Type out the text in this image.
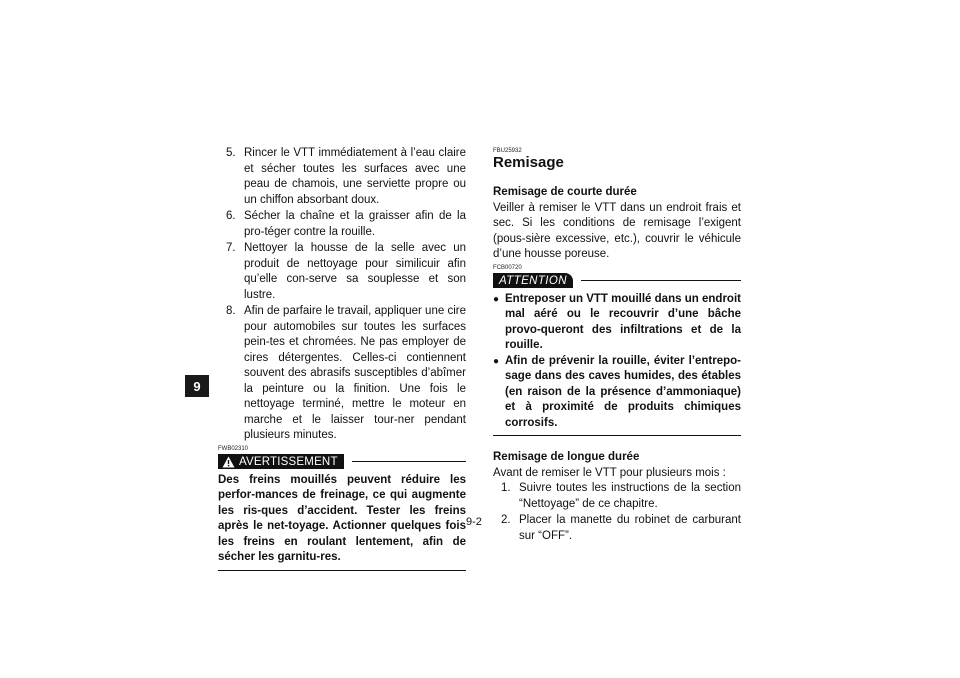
9
5. Rincer le VTT immédiatement à l’eau claire et sécher toutes les surfaces avec une peau de chamois, une serviette propre ou un chiffon absorbant doux.
6. Sécher la chaîne et la graisser afin de la pro-téger contre la rouille.
7. Nettoyer la housse de la selle avec un produit de nettoyage pour similicuir afin qu’elle con-serve sa souplesse et son lustre.
8. Afin de parfaire le travail, appliquer une cire pour automobiles sur toutes les surfaces pein-tes et chromées. Ne pas employer de cires détergentes. Celles-ci contiennent souvent des abrasifs susceptibles d’abîmer la peinture ou la finition. Une fois le nettoyage terminé, mettre le moteur en marche et le laisser tour-ner pendant plusieurs minutes.
FWB02310
AVERTISSEMENT

Des freins mouillés peuvent réduire les perfor-mances de freinage, ce qui augmente les ris-ques d’accident. Tester les freins après le net-toyage. Actionner quelques fois les freins en roulant lentement, afin de sécher les garnitu-res.

FBU25932
Remisage

Remisage de courte durée

Veiller à remiser le VTT dans un endroit frais et sec. Si les conditions de remisage l’exigent (pous-sière excessive, etc.), couvrir le véhicule d’une housse poreuse.

FCB00720
ATTENTION
● Entreposer un VTT mouillé dans un endroit mal aéré ou le recouvrir d’une bâche provo-queront des infiltrations et de la rouille.
● Afin de prévenir la rouille, éviter l’entrepo-sage dans des caves humides, des étables (en raison de la présence d’ammoniaque) et à proximité de produits chimiques corrosifs.

Remisage de longue durée

Avant de remiser le VTT pour plusieurs mois :

1. Suivre toutes les instructions de la section “Nettoyage” de ce chapitre.
2. Placer la manette du robinet de carburant sur “OFF”.
9-2
